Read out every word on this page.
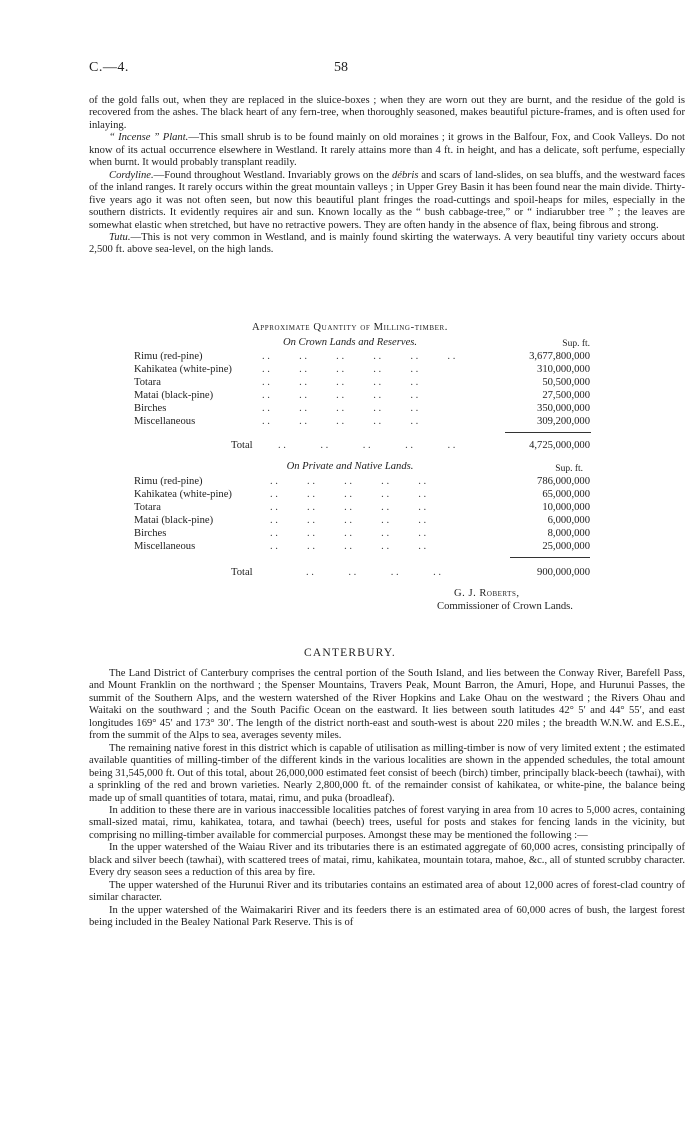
C.—4.	58

of the gold falls out, when they are replaced in the sluice-boxes ; when they are worn out they are burnt, and the residue of the gold is recovered from the ashes. The black heart of any fern-tree, when thoroughly seasoned, makes beautiful picture-frames, and is often used for inlaying.

“ Incense ” Plant.—This small shrub is to be found mainly on old moraines ; it grows in the Balfour, Fox, and Cook Valleys. Do not know of its actual occurrence elsewhere in Westland. It rarely attains more than 4 ft. in height, and has a delicate, soft perfume, especially when burnt. It would probably transplant readily.

Cordyline.—Found throughout Westland. Invariably grows on the débris and scars of land-slides, on sea bluffs, and the westward faces of the inland ranges. It rarely occurs within the great mountain valleys ; in Upper Grey Basin it has been found near the main divide. Thirty-five years ago it was not often seen, but now this beautiful plant fringes the road-cuttings and spoil-heaps for miles, especially in the southern districts. It evidently requires air and sun. Known locally as the “ bush cabbage-tree,” or “ indiarubber tree ” ; the leaves are somewhat elastic when stretched, but have no retractive powers. They are often handy in the absence of flax, being fibrous and strong.

Tutu.—This is not very common in Westland, and is mainly found skirting the waterways. A very beautiful tiny variety occurs about 2,500 ft. above sea-level, on the high lands.

Approximate Quantity of Milling-timber.
On Crown Lands and Reserves.	Sup. ft.
Rimu (red-pine)	. .           . .           . .           . .           . .           . .	3,677,800,000
Kahikatea (white-pine)	. .           . .           . .           . .           . .	310,000,000
Totara	. .           . .           . .           . .           . .	50,500,000
Matai (black-pine)	. .           . .           . .           . .           . .	27,500,000
Birches	. .           . .           . .           . .           . .	350,000,000
Miscellaneous	. .           . .           . .           . .           . .	309,200,000
Total . .             . .             . .             . .             . .	4,725,000,000
On Private and Native Lands.	Sup. ft.
Rimu (red-pine)	. .           . .           . .           . .           . .	786,000,000
Kahikatea (white-pine)	. .           . .           . .           . .           . .	65,000,000
Totara	. .           . .           . .           . .           . .	10,000,000
Matai (black-pine)	. .           . .           . .           . .           . .	6,000,000
Birches	. .           . .           . .           . .           . .	8,000,000
Miscellaneous	. .           . .           . .           . .           . .	25,000,000
Total	. .             . .             . .             . .	900,000,000
G. J. Roberts,
Commissioner of Crown Lands.
CANTERBURY.

The Land District of Canterbury comprises the central portion of the South Island, and lies between the Conway River, Barefell Pass, and Mount Franklin on the northward ; the Spenser Mountains, Travers Peak, Mount Barron, the Amuri, Hope, and Hurunui Passes, the summit of the Southern Alps, and the western watershed of the River Hopkins and Lake Ohau on the westward ; the Rivers Ohau and Waitaki on the southward ; and the South Pacific Ocean on the eastward. It lies between south latitudes 42° 5′ and 44° 55′, and east longitudes 169° 45′ and 173° 30′. The length of the district north-east and south-west is about 220 miles ; the breadth W.N.W. and E.S.E., from the summit of the Alps to sea, averages seventy miles.

The remaining native forest in this district which is capable of utilisation as milling-timber is now of very limited extent ; the estimated available quantities of milling-timber of the different kinds in the various localities are shown in the appended schedules, the total amount being 31,545,000 ft. Out of this total, about 26,000,000 estimated feet consist of beech (birch) timber, principally black-beech (tawhai), with a sprinkling of the red and brown varieties. Nearly 2,800,000 ft. of the remainder consist of kahikatea, or white-pine, the balance being made up of small quantities of totara, matai, rimu, and puka (broadleaf).

In addition to these there are in various inaccessible localities patches of forest varying in area from 10 acres to 5,000 acres, containing small-sized matai, rimu, kahikatea, totara, and tawhai (beech) trees, useful for posts and stakes for fencing lands in the vicinity, but comprising no milling-timber available for commercial purposes. Amongst these may be mentioned the following :—

In the upper watershed of the Waiau River and its tributaries there is an estimated aggregate of 60,000 acres, consisting principally of black and silver beech (tawhai), with scattered trees of matai, rimu, kahikatea, mountain totara, mahoe, &c., all of stunted scrubby character. Every dry season sees a reduction of this area by fire.

The upper watershed of the Hurunui River and its tributaries contains an estimated area of about 12,000 acres of forest-clad country of similar character.

In the upper watershed of the Waimakariri River and its feeders there is an estimated area of 60,000 acres of bush, the largest forest being included in the Bealey National Park Reserve. This is of
